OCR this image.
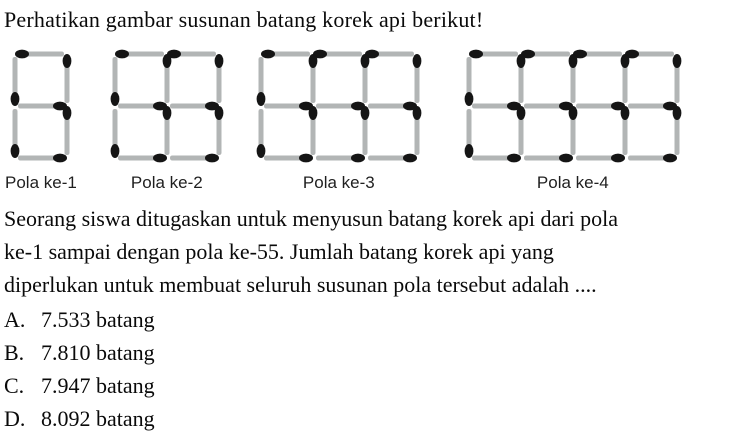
Perhatikan gambar susunan batang korek api berikut!
Pola ke-1	Pola ke-2	Pola ke-3	Pola ke-4
Seorang siswa ditugaskan untuk menyusun batang korek api dari pola
ke-1 sampai dengan pola ke-55. Jumlah batang korek api yang
diperlukan untuk membuat seluruh susunan pola tersebut adalah ....
A. 7.533 batang
B. 7.810 batang
C. 7.947 batang
D. 8.092 batang
